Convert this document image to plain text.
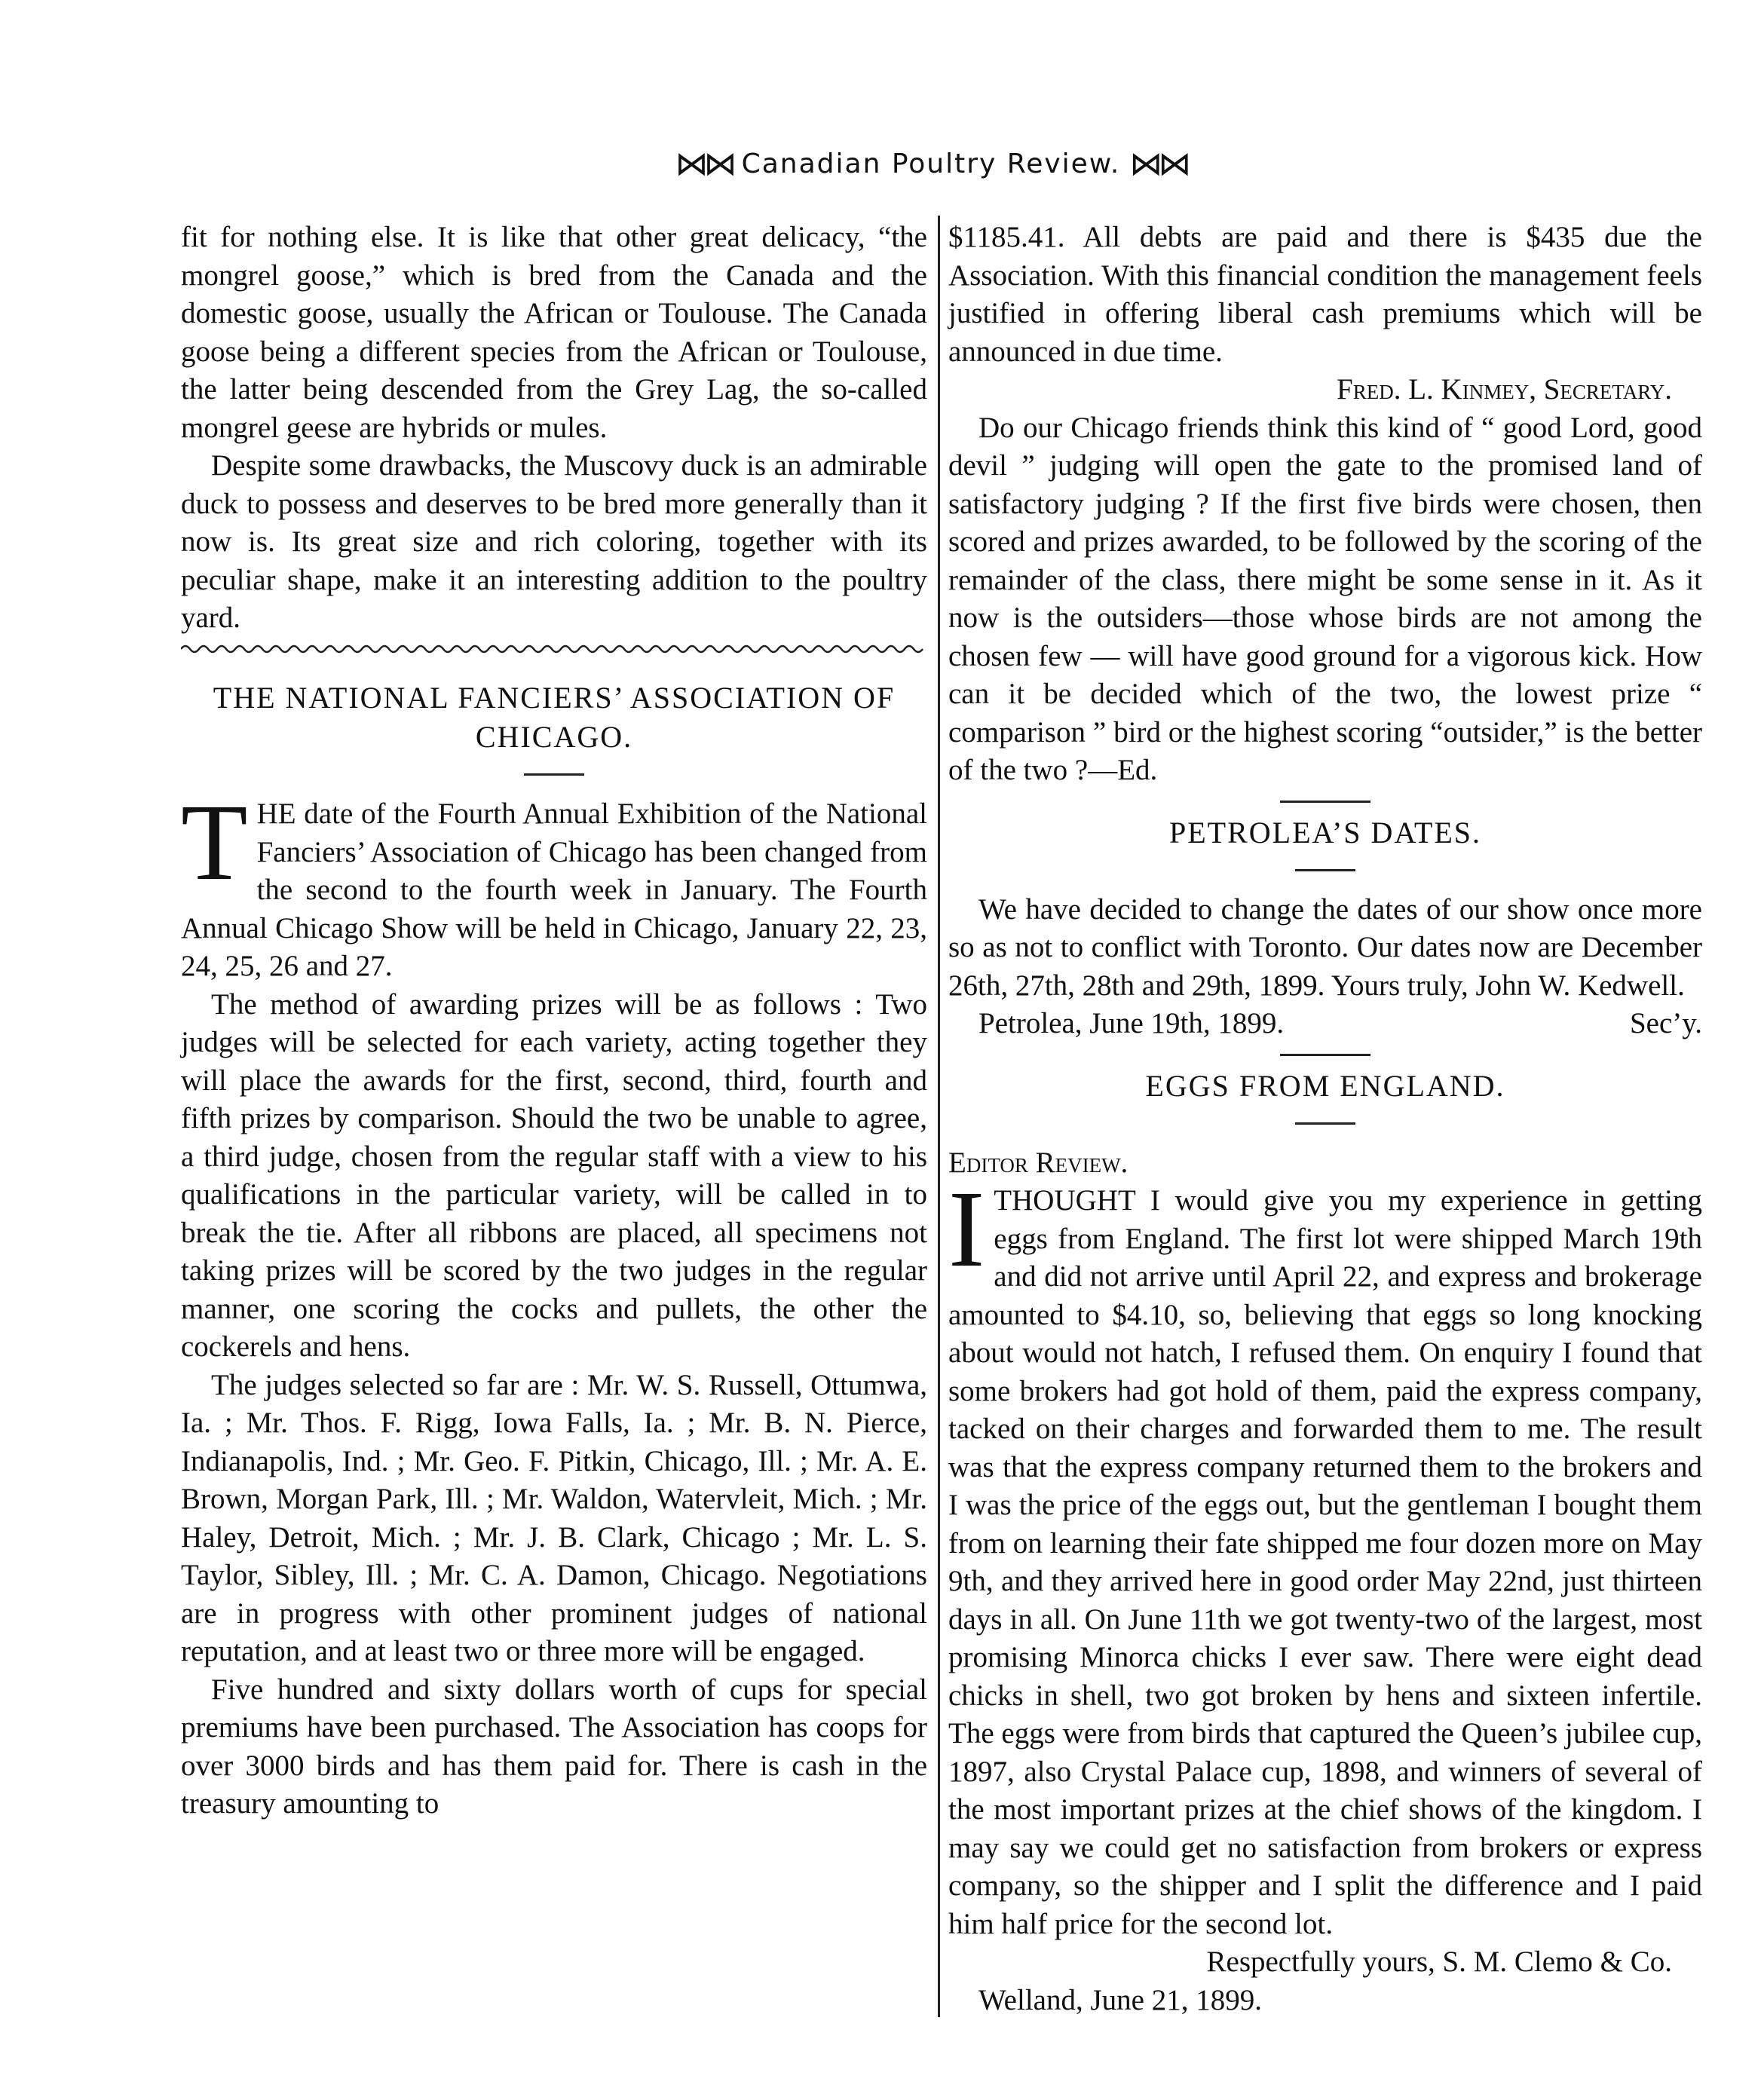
⋈⋈ Canadian Poultry Review. ⋈⋈

fit for nothing else. It is like that other great delicacy, “the mongrel goose,” which is bred from the Canada and the domestic goose, usually the African or Toulouse. The Canada goose being a different species from the African or Toulouse, the latter being descended from the Grey Lag, the so-called mongrel geese are hybrids or mules.

Despite some drawbacks, the Muscovy duck is an admirable duck to possess and deserves to be bred more generally than it now is. Its great size and rich coloring, together with its peculiar shape, make it an interesting addition to the poultry yard.

THE NATIONAL FANCIERS’ ASSOCIATION OF CHICAGO.

THE date of the Fourth Annual Exhibition of the National Fanciers’ Association of Chicago has been changed from the second to the fourth week in January. The Fourth Annual Chicago Show will be held in Chicago, January 22, 23, 24, 25, 26 and 27.

The method of awarding prizes will be as follows : Two judges will be selected for each variety, acting together they will place the awards for the first, second, third, fourth and fifth prizes by comparison. Should the two be unable to agree, a third judge, chosen from the regular staff with a view to his qualifications in the particular variety, will be called in to break the tie. After all ribbons are placed, all specimens not taking prizes will be scored by the two judges in the regular manner, one scoring the cocks and pullets, the other the cockerels and hens.

The judges selected so far are : Mr. W. S. Russell, Ottumwa, Ia. ; Mr. Thos. F. Rigg, Iowa Falls, Ia. ; Mr. B. N. Pierce, Indianapolis, Ind. ; Mr. Geo. F. Pitkin, Chicago, Ill. ; Mr. A. E. Brown, Morgan Park, Ill. ; Mr. Waldon, Watervleit, Mich. ; Mr. Haley, Detroit, Mich. ; Mr. J. B. Clark, Chicago ; Mr. L. S. Taylor, Sibley, Ill. ; Mr. C. A. Damon, Chicago. Negotiations are in progress with other prominent judges of national reputation, and at least two or three more will be engaged.

Five hundred and sixty dollars worth of cups for special premiums have been purchased. The Association has coops for over 3000 birds and has them paid for. There is cash in the treasury amounting to

$1185.41. All debts are paid and there is $435 due the Association. With this financial condition the management feels justified in offering liberal cash premiums which will be announced in due time.

Fred. L. Kinmey, Secretary.

Do our Chicago friends think this kind of “ good Lord, good devil ” judging will open the gate to the promised land of satisfactory judging ? If the first five birds were chosen, then scored and prizes awarded, to be followed by the scoring of the remainder of the class, there might be some sense in it. As it now is the outsiders—those whose birds are not among the chosen few — will have good ground for a vigorous kick. How can it be decided which of the two, the lowest prize “ comparison ” bird or the highest scoring “outsider,” is the better of the two ?—Ed.

PETROLEA’S DATES.

We have decided to change the dates of our show once more so as not to conflict with Toronto. Our dates now are December 26th, 27th, 28th and 29th, 1899. Yours truly, John W. Kedwell.

Petrolea, June 19th, 1899.	Sec’y.
EGGS FROM ENGLAND.

Editor Review.

ITHOUGHT I would give you my experience in getting eggs from England. The first lot were shipped March 19th and did not arrive until April 22, and express and brokerage amounted to $4.10, so, believing that eggs so long knocking about would not hatch, I refused them. On enquiry I found that some brokers had got hold of them, paid the express company, tacked on their charges and forwarded them to me. The result was that the express company returned them to the brokers and I was the price of the eggs out, but the gentleman I bought them from on learning their fate shipped me four dozen more on May 9th, and they arrived here in good order May 22nd, just thirteen days in all. On June 11th we got twenty-two of the largest, most promising Minorca chicks I ever saw. There were eight dead chicks in shell, two got broken by hens and sixteen infertile. The eggs were from birds that captured the Queen’s jubilee cup, 1897, also Crystal Palace cup, 1898, and winners of several of the most important prizes at the chief shows of the kingdom. I may say we could get no satisfaction from brokers or express company, so the shipper and I split the difference and I paid him half price for the second lot.

Respectfully yours, S. M. Clemo & Co.

Welland, June 21, 1899.
